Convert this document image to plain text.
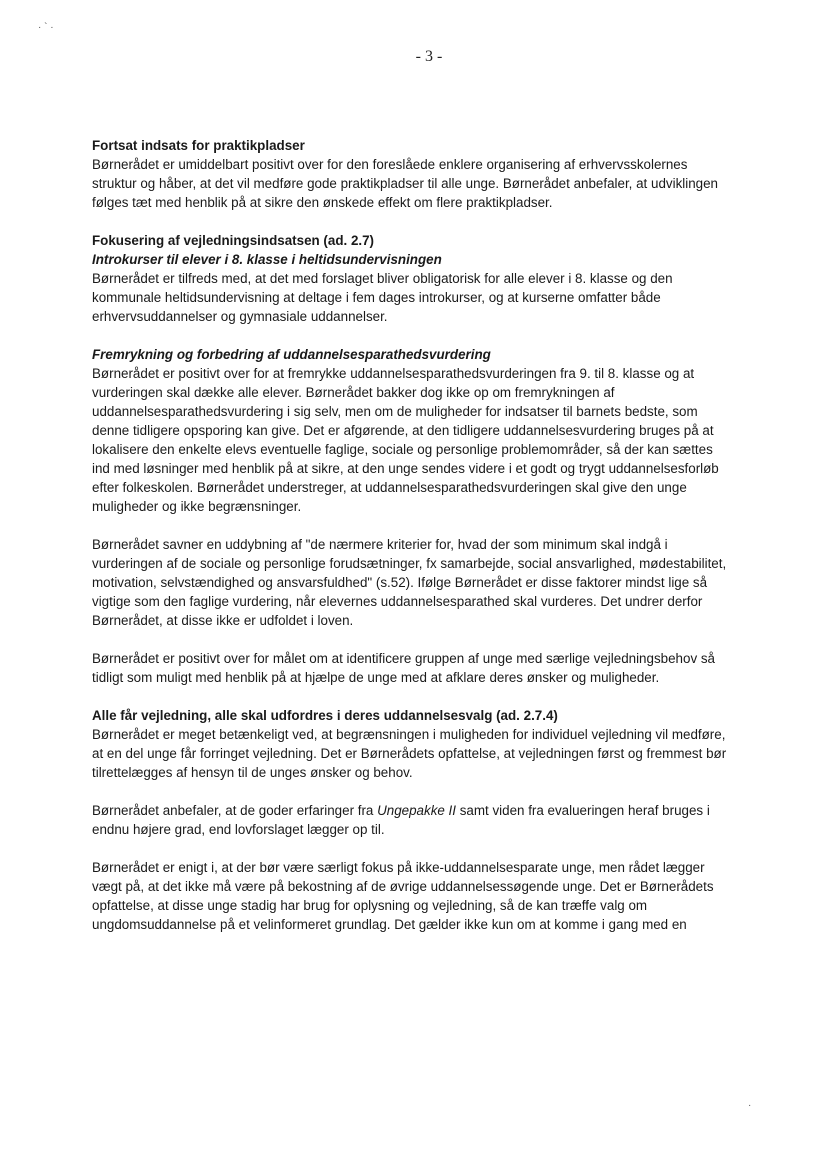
· ` ·
·
- 3 -

Fortsat indsats for praktikpladser

Børnerådet er umiddelbart positivt over for den foreslåede enklere organisering af erhvervsskolernes struktur og håber, at det vil medføre gode praktikpladser til alle unge. Børnerådet anbefaler, at udviklingen følges tæt med henblik på at sikre den ønskede effekt om flere praktikpladser.

Fokusering af vejledningsindsatsen (ad. 2.7)

Introkurser til elever i 8. klasse i heltidsundervisningen

Børnerådet er tilfreds med, at det med forslaget bliver obligatorisk for alle elever i 8. klasse og den kommunale heltidsundervisning at deltage i fem dages introkurser, og at kurserne omfatter både erhvervsuddannelser og gymnasiale uddannelser.

Fremrykning og forbedring af uddannelsesparathedsvurdering

Børnerådet er positivt over for at fremrykke uddannelsesparathedsvurderingen fra 9. til 8. klasse og at vurderingen skal dække alle elever. Børnerådet bakker dog ikke op om fremrykningen af uddannelsesparathedsvurdering i sig selv, men om de muligheder for indsatser til barnets bedste, som denne tidligere opsporing kan give. Det er afgørende, at den tidligere uddannelsesvurdering bruges på at lokalisere den enkelte elevs eventuelle faglige, sociale og personlige problemområder, så der kan sættes ind med løsninger med henblik på at sikre, at den unge sendes videre i et godt og trygt uddannelsesforløb efter folkeskolen. Børnerådet understreger, at uddannelsesparathedsvurderingen skal give den unge muligheder og ikke begrænsninger.

Børnerådet savner en uddybning af "de nærmere kriterier for, hvad der som minimum skal indgå i vurderingen af de sociale og personlige forudsætninger, fx samarbejde, social ansvarlighed, mødestabilitet, motivation, selvstændighed og ansvarsfuldhed" (s.52). Ifølge Børnerådet er disse faktorer mindst lige så vigtige som den faglige vurdering, når elevernes uddannelsesparathed skal vurderes. Det undrer derfor Børnerådet, at disse ikke er udfoldet i loven.

Børnerådet er positivt over for målet om at identificere gruppen af unge med særlige vejledningsbehov så tidligt som muligt med henblik på at hjælpe de unge med at afklare deres ønsker og muligheder.

Alle får vejledning, alle skal udfordres i deres uddannelsesvalg (ad. 2.7.4)

Børnerådet er meget betænkeligt ved, at begrænsningen i muligheden for individuel vejledning vil medføre, at en del unge får forringet vejledning. Det er Børnerådets opfattelse, at vejledningen først og fremmest bør tilrettelægges af hensyn til de unges ønsker og behov.

Børnerådet anbefaler, at de goder erfaringer fra Ungepakke II samt viden fra evalueringen heraf bruges i endnu højere grad, end lovforslaget lægger op til.

Børnerådet er enigt i, at der bør være særligt fokus på ikke-uddannelsesparate unge, men rådet lægger vægt på, at det ikke må være på bekostning af de øvrige uddannelsessøgende unge. Det er Børnerådets opfattelse, at disse unge stadig har brug for oplysning og vejledning, så de kan træffe valg om ungdomsuddannelse på et velinformeret grundlag. Det gælder ikke kun om at komme i gang med en
